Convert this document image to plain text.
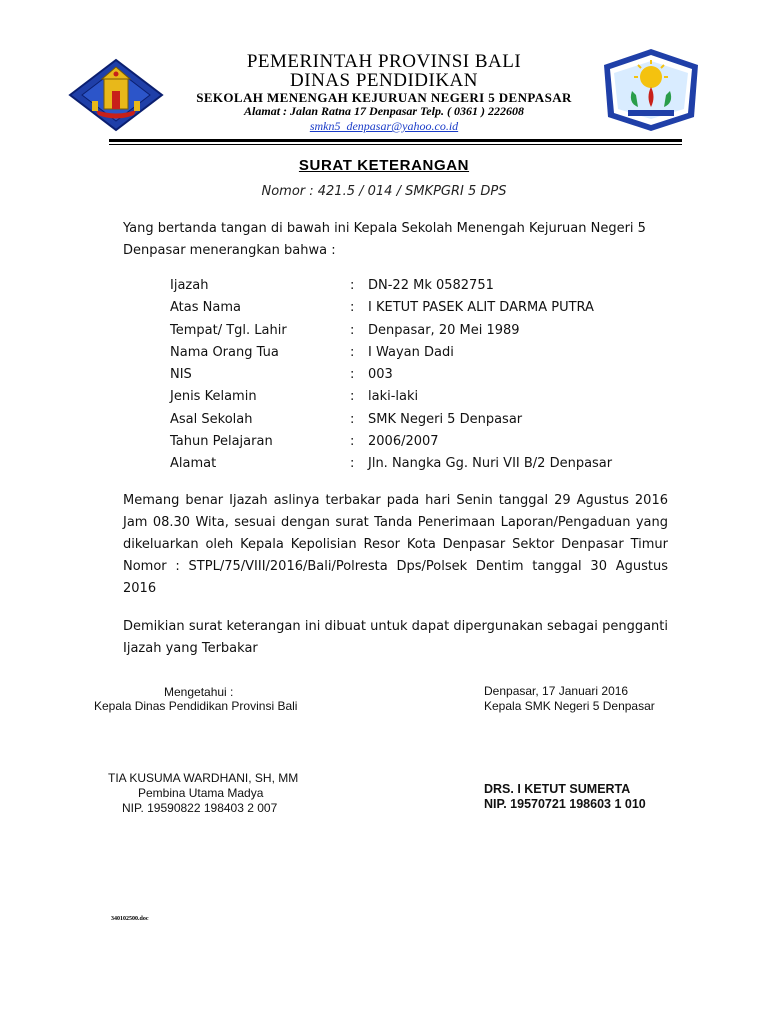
PEMERINTAH PROVINSI BALI
DINAS PENDIDIKAN
SEKOLAH MENENGAH KEJURUAN NEGERI 5 DENPASAR
Alamat : Jalan Ratna 17 Denpasar Telp. ( 0361 ) 222608
smkn5_denpasar@yahoo.co.id
SURAT KETERANGAN
Nomor : 421.5 / 014 / SMKPGRI 5 DPS
Yang bertanda tangan di bawah ini Kepala Sekolah Menengah Kejuruan Negeri 5
Denpasar menerangkan bahwa :
Ijazah	: DN-22 Mk 0582751
Atas Nama	: I KETUT PASEK ALIT DARMA PUTRA
Tempat/ Tgl. Lahir	: Denpasar, 20 Mei 1989
Nama Orang Tua	: I Wayan Dadi
NIS	: 003
Jenis Kelamin	: laki-laki
Asal Sekolah	: SMK Negeri 5 Denpasar
Tahun Pelajaran	: 2006/2007
Alamat	: Jln. Nangka Gg. Nuri VII B/2 Denpasar
Memang benar Ijazah aslinya terbakar pada hari Senin tanggal 29 Agustus 2016 Jam 08.30 Wita, sesuai dengan surat Tanda Penerimaan Laporan/Pengaduan yang dikeluarkan oleh Kepala Kepolisian Resor Kota Denpasar Sektor Denpasar Timur Nomor : STPL/75/VIII/2016/Bali/Polresta Dps/Polsek Dentim tanggal 30 Agustus 2016
Demikian surat keterangan ini dibuat untuk dapat dipergunakan sebagai pengganti Ijazah yang Terbakar
Mengetahui :
Kepala Dinas Pendidikan Provinsi Bali
TIA KUSUMA WARDHANI, SH, MM
Pembina Utama Madya
NIP. 19590822 198403 2 007
Denpasar, 17 Januari 2016
Kepala SMK Negeri 5 Denpasar
DRS. I KETUT SUMERTA
NIP. 19570721 198603 1 010
340102500.doc
